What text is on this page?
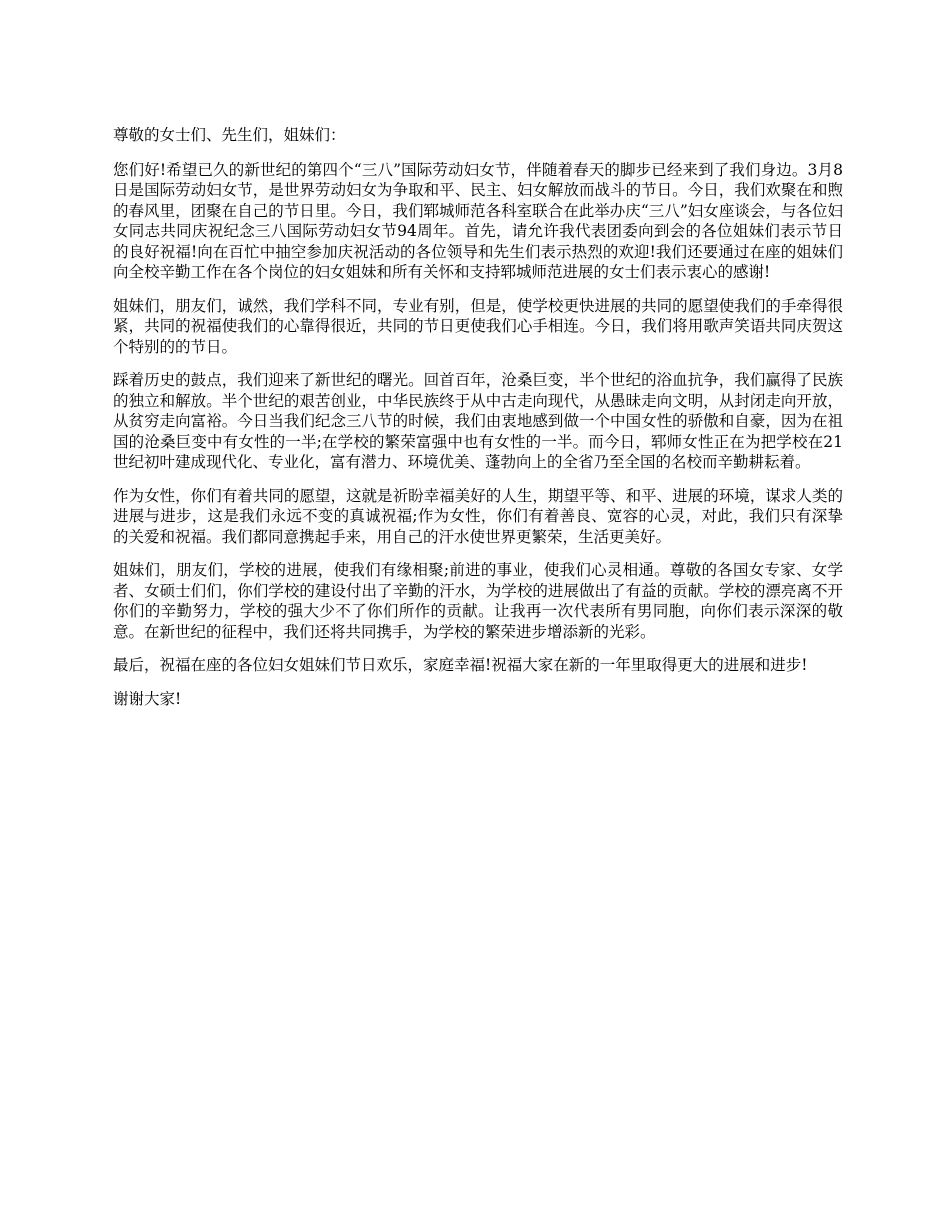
尊敬的女士们、先生们，姐妹们：

您们好!希望已久的新世纪的第四个“三八”国际劳动妇女节，伴随着春天的脚步已经来到了我们身边。3月8日是国际劳动妇女节，是世界劳动妇女为争取和平、民主、妇女解放而战斗的节日。今日，我们欢聚在和煦的春风里，团聚在自己的节日里。今日，我们郓城师范各科室联合在此举办庆“三八”妇女座谈会，与各位妇女同志共同庆祝纪念三八国际劳动妇女节94周年。首先，请允许我代表团委向到会的各位姐妹们表示节日的良好祝福!向在百忙中抽空参加庆祝活动的各位领导和先生们表示热烈的欢迎!我们还要通过在座的姐妹们向全校辛勤工作在各个岗位的妇女姐妹和所有关怀和支持郓城师范进展的女士们表示衷心的感谢!

姐妹们，朋友们，诚然，我们学科不同，专业有别，但是，使学校更快进展的共同的愿望使我们的手牵得很紧，共同的祝福使我们的心靠得很近，共同的节日更使我们心手相连。今日，我们将用歌声笑语共同庆贺这个特别的的节日。

踩着历史的鼓点，我们迎来了新世纪的曙光。回首百年，沧桑巨变，半个世纪的浴血抗争，我们赢得了民族的独立和解放。半个世纪的艰苦创业，中华民族终于从中古走向现代，从愚昧走向文明，从封闭走向开放，从贫穷走向富裕。今日当我们纪念三八节的时候，我们由衷地感到做一个中国女性的骄傲和自豪，因为在祖国的沧桑巨变中有女性的一半;在学校的繁荣富强中也有女性的一半。而今日，郓师女性正在为把学校在21世纪初叶建成现代化、专业化，富有潜力、环境优美、蓬勃向上的全省乃至全国的名校而辛勤耕耘着。

作为女性，你们有着共同的愿望，这就是祈盼幸福美好的人生，期望平等、和平、进展的环境，谋求人类的进展与进步，这是我们永远不变的真诚祝福;作为女性，你们有着善良、宽容的心灵，对此，我们只有深挚的关爱和祝福。我们都同意携起手来，用自己的汗水使世界更繁荣，生活更美好。

姐妹们，朋友们，学校的进展，使我们有缘相聚;前进的事业，使我们心灵相通。尊敬的各国女专家、女学者、女硕士们们，你们学校的建设付出了辛勤的汗水，为学校的进展做出了有益的贡献。学校的漂亮离不开你们的辛勤努力，学校的强大少不了你们所作的贡献。让我再一次代表所有男同胞，向你们表示深深的敬意。在新世纪的征程中，我们还将共同携手，为学校的繁荣进步增添新的光彩。

最后，祝福在座的各位妇女姐妹们节日欢乐，家庭幸福!祝福大家在新的一年里取得更大的进展和进步!

谢谢大家!
